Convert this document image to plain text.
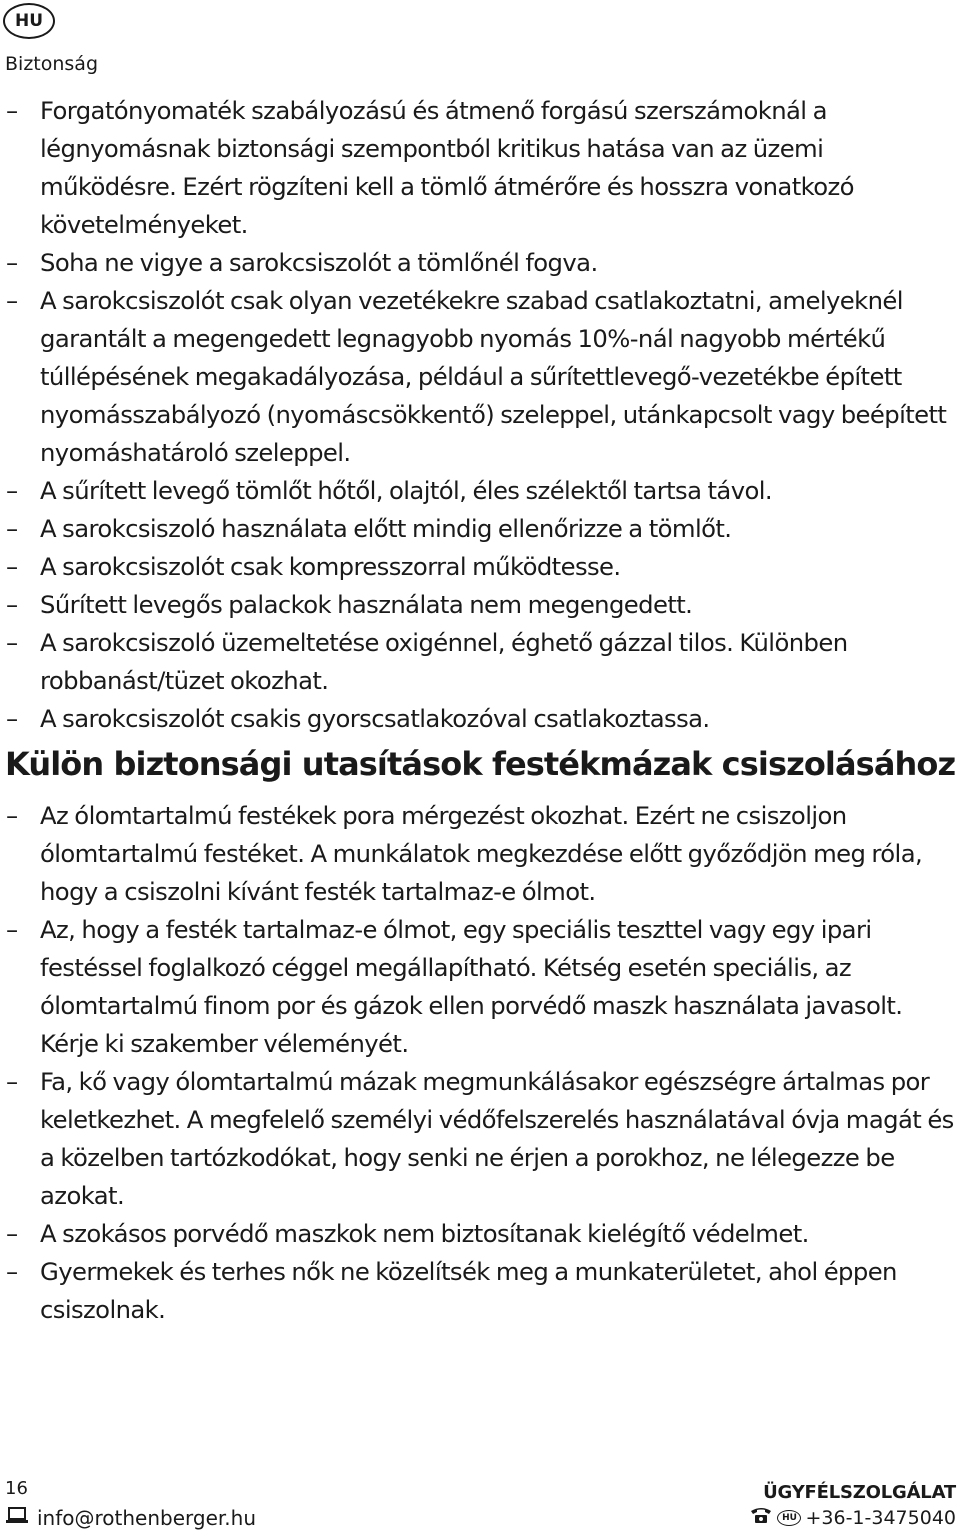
HU
Biztonság
– Forgatónyomaték szabályozású és átmenő forgású szerszámoknál a légnyomásnak biztonsági szempontból kritikus hatása van az üzemi működésre. Ezért rögzíteni kell a tömlő átmérőre és hosszra vonatkozó követelményeket.
– Soha ne vigye a sarokcsiszolót a tömlőnél fogva.
– A sarokcsiszolót csak olyan vezetékekre szabad csatlakoztatni, amelyeknél garantált a megengedett legnagyobb nyomás 10%-nál nagyobb mértékű túllépésének megakadályozása, például a sűrítettlevegő-vezetékbe épített nyomásszabályozó (nyomáscsökkentő) szeleppel, utánkapcsolt vagy beépített nyomáshatároló szeleppel.
– A sűrített levegő tömlőt hőtől, olajtól, éles szélektől tartsa távol.
– A sarokcsiszoló használata előtt mindig ellenőrizze a tömlőt.
– A sarokcsiszolót csak kompresszorral működtesse.
– Sűrített levegős palackok használata nem megengedett.
– A sarokcsiszoló üzemeltetése oxigénnel, éghető gázzal tilos. Különben robbanást/tüzet okozhat.
– A sarokcsiszolót csakis gyorscsatlakozóval csatlakoztassa.
Külön biztonsági utasítások festékmázak csiszolásához
– Az ólomtartalmú festékek pora mérgezést okozhat. Ezért ne csiszoljon ólomtartalmú festéket. A munkálatok megkezdése előtt győződjön meg róla, hogy a csiszolni kívánt festék tartalmaz-e ólmot.
– Az, hogy a festék tartalmaz-e ólmot, egy speciális teszttel vagy egy ipari festéssel foglalkozó céggel megállapítható. Kétség esetén speciális, az ólomtartalmú finom por és gázok ellen porvédő maszk használata javasolt. Kérje ki szakember véleményét.
– Fa, kő vagy ólomtartalmú mázak megmunkálásakor egészségre ártalmas por keletkezhet. A megfelelő személyi védőfelszerelés használatával óvja magát és a közelben tartózkodókat, hogy senki ne érjen a porokhoz, ne lélegezze be azokat.
– A szokásos porvédő maszkok nem biztosítanak kielégítő védelmet.
– Gyermekek és terhes nők ne közelítsék meg a munkaterületet, ahol éppen csiszolnak.
16
info@rothenberger.hu
ÜGYFÉLSZOLGÁLAT
HU +36-1-3475040
